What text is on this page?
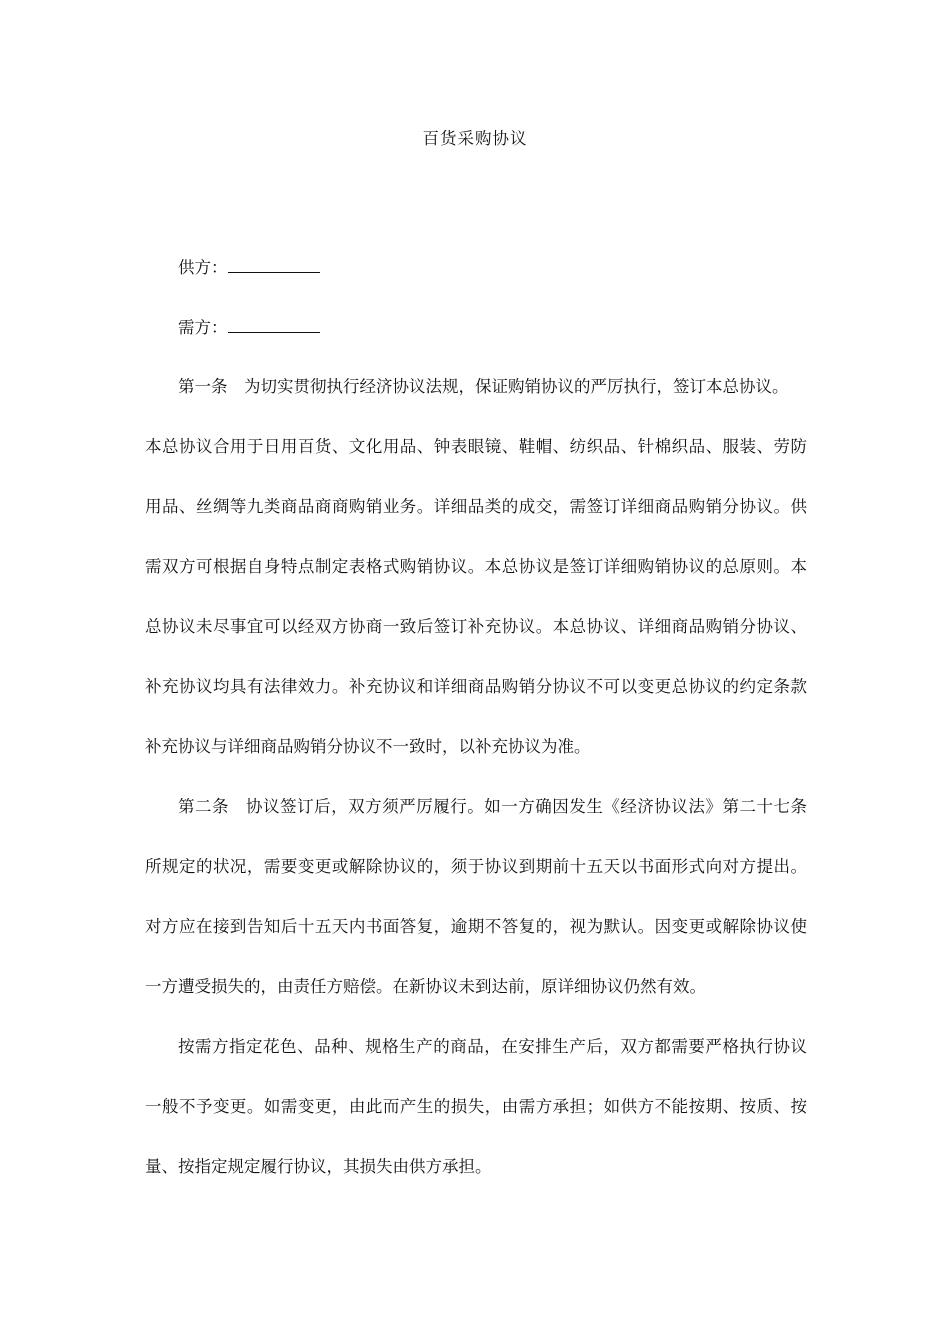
百货采购协议
供方：
需方：
第一条　为切实贯彻执行经济协议法规，保证购销协议的严厉执行，签订本总协议。
本总协议合用于日用百货、文化用品、钟表眼镜、鞋帽、纺织品、针棉织品、服装、劳防
用品、丝绸等九类商品商商购销业务。详细品类的成交，需签订详细商品购销分协议。供
需双方可根据自身特点制定表格式购销协议。本总协议是签订详细购销协议的总原则。本
总协议未尽事宜可以经双方协商一致后签订补充协议。本总协议、详细商品购销分协议、
补充协议均具有法律效力。补充协议和详细商品购销分协议不可以变更总协议的约定条款
补充协议与详细商品购销分协议不一致时，以补充协议为准。
第二条　协议签订后，双方须严厉履行。如一方确因发生《经济协议法》第二十七条
所规定的状况，需要变更或解除协议的，须于协议到期前十五天以书面形式向对方提出。
对方应在接到告知后十五天内书面答复，逾期不答复的，视为默认。因变更或解除协议使
一方遭受损失的，由责任方赔偿。在新协议未到达前，原详细协议仍然有效。
按需方指定花色、品种、规格生产的商品，在安排生产后，双方都需要严格执行协议
一般不予变更。如需变更，由此而产生的损失，由需方承担；如供方不能按期、按质、按
量、按指定规定履行协议，其损失由供方承担。
